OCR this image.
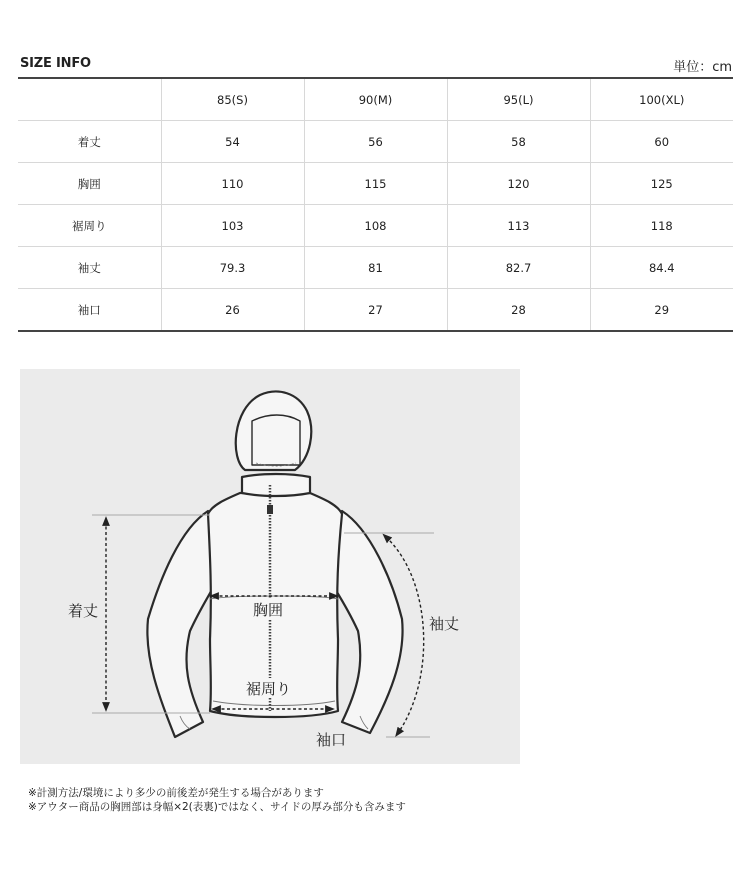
SIZE INFO	単位：cm
	85(S)	90(M)	95(L)	100(XL)
着丈	54	56	58	60
胸囲	110	115	120	125
裾周り	103	108	113	118
袖丈	79.3	81	82.7	84.4
袖口	26	27	28	29
着丈	胸囲
裾周り
袖丈
袖口
※計測方法/環境により多少の前後差が発生する場合があります
※アウター商品の胸囲部は身幅×2(表裏)ではなく、サイドの厚み部分も含みます
